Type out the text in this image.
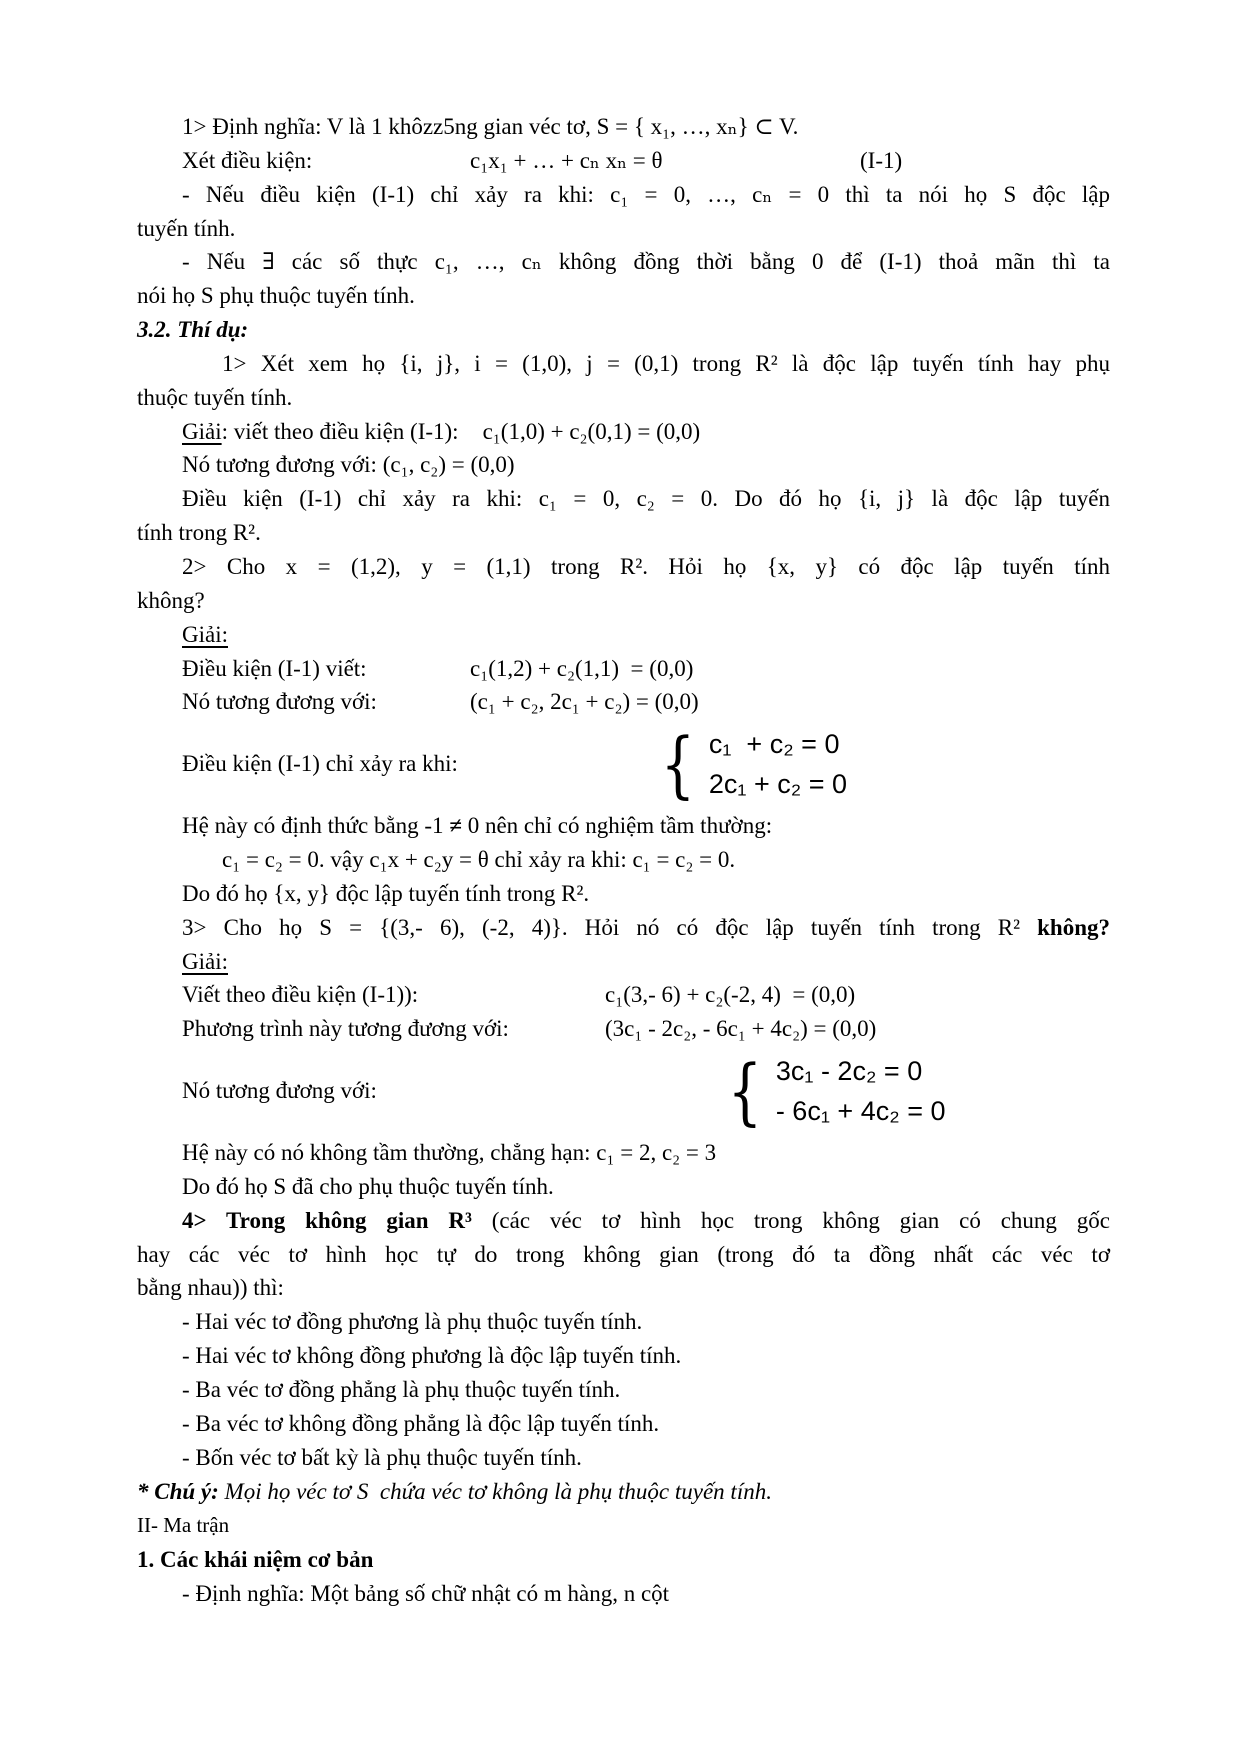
1> Định nghĩa: V là 1 khôzz5ng gian véc tơ, S = { x₁, …, xₙ} ⊂ V.
Xét điều kiện:	c₁x₁ + … + cₙ xₙ = θ	(I-1)
- Nếu điều kiện (I-1) chỉ xảy ra khi: c₁ = 0, …, cₙ = 0 thì ta nói họ S độc lập
tuyến tính.
- Nếu ∃ các số thực c₁, …, cₙ không đồng thời bằng 0 để (I-1) thoả mãn thì ta
nói họ S phụ thuộc tuyến tính.
3.2. Thí dụ:
1> Xét xem họ {i, j}, i = (1,0), j = (0,1) trong R² là độc lập tuyến tính hay phụ
thuộc tuyến tính.
Giải: viết theo điều kiện (I-1): c₁(1,0) + c₂(0,1) = (0,0)
Nó tương đương với: (c₁, c₂) = (0,0)
Điều kiện (I-1) chỉ xảy ra khi: c₁ = 0, c₂ = 0. Do đó họ {i, j} là độc lập tuyến
tính trong R².
2> Cho x = (1,2), y = (1,1) trong R². Hỏi họ {x, y} có độc lập tuyến tính
không?
Giải:
Điều kiện (I-1) viết:	c₁(1,2) + c₂(1,1)  = (0,0)
Nó tương đương với:	(c₁ + c₂, 2c₁ + c₂) = (0,0)
Điều kiện (I-1) chỉ xảy ra khi:	{ c₁  + c₂ = 0
2c₁ + c₂ = 0
Hệ này có định thức bằng -1 ≠ 0 nên chỉ có nghiệm tầm thường:
c₁ = c₂ = 0. vậy c₁x + c₂y = θ chỉ xảy ra khi: c₁ = c₂ = 0.
Do đó họ {x, y} độc lập tuyến tính trong R².
3> Cho họ S = {(3,- 6), (-2, 4)}. Hỏi nó có độc lập tuyến tính trong R² không?
Giải:
Viết theo điều kiện (I-1)):	c₁(3,- 6) + c₂(-2, 4)  = (0,0)
Phương trình này tương đương với:	(3c₁ - 2c₂, - 6c₁ + 4c₂) = (0,0)
Nó tương đương với:	{ 3c₁ - 2c₂ = 0
- 6c₁ + 4c₂ = 0
Hệ này có nó không tầm thường, chẳng hạn: c₁ = 2, c₂ = 3
Do đó họ S đã cho phụ thuộc tuyến tính.
4> Trong không gian R³ (các véc tơ hình học trong không gian có chung gốc
hay các véc tơ hình học tự do trong không gian (trong đó ta đồng nhất các véc tơ
bằng nhau)) thì:
- Hai véc tơ đồng phương là phụ thuộc tuyến tính.
- Hai véc tơ không đồng phương là độc lập tuyến tính.
- Ba véc tơ đồng phẳng là phụ thuộc tuyến tính.
- Ba véc tơ không đồng phẳng là độc lập tuyến tính.
- Bốn véc tơ bất kỳ là phụ thuộc tuyến tính.
* Chú ý: Mọi họ véc tơ S  chứa véc tơ không là phụ thuộc tuyến tính.
II- Ma trận
1. Các khái niệm cơ bản
- Định nghĩa: Một bảng số chữ nhật có m hàng, n cột
